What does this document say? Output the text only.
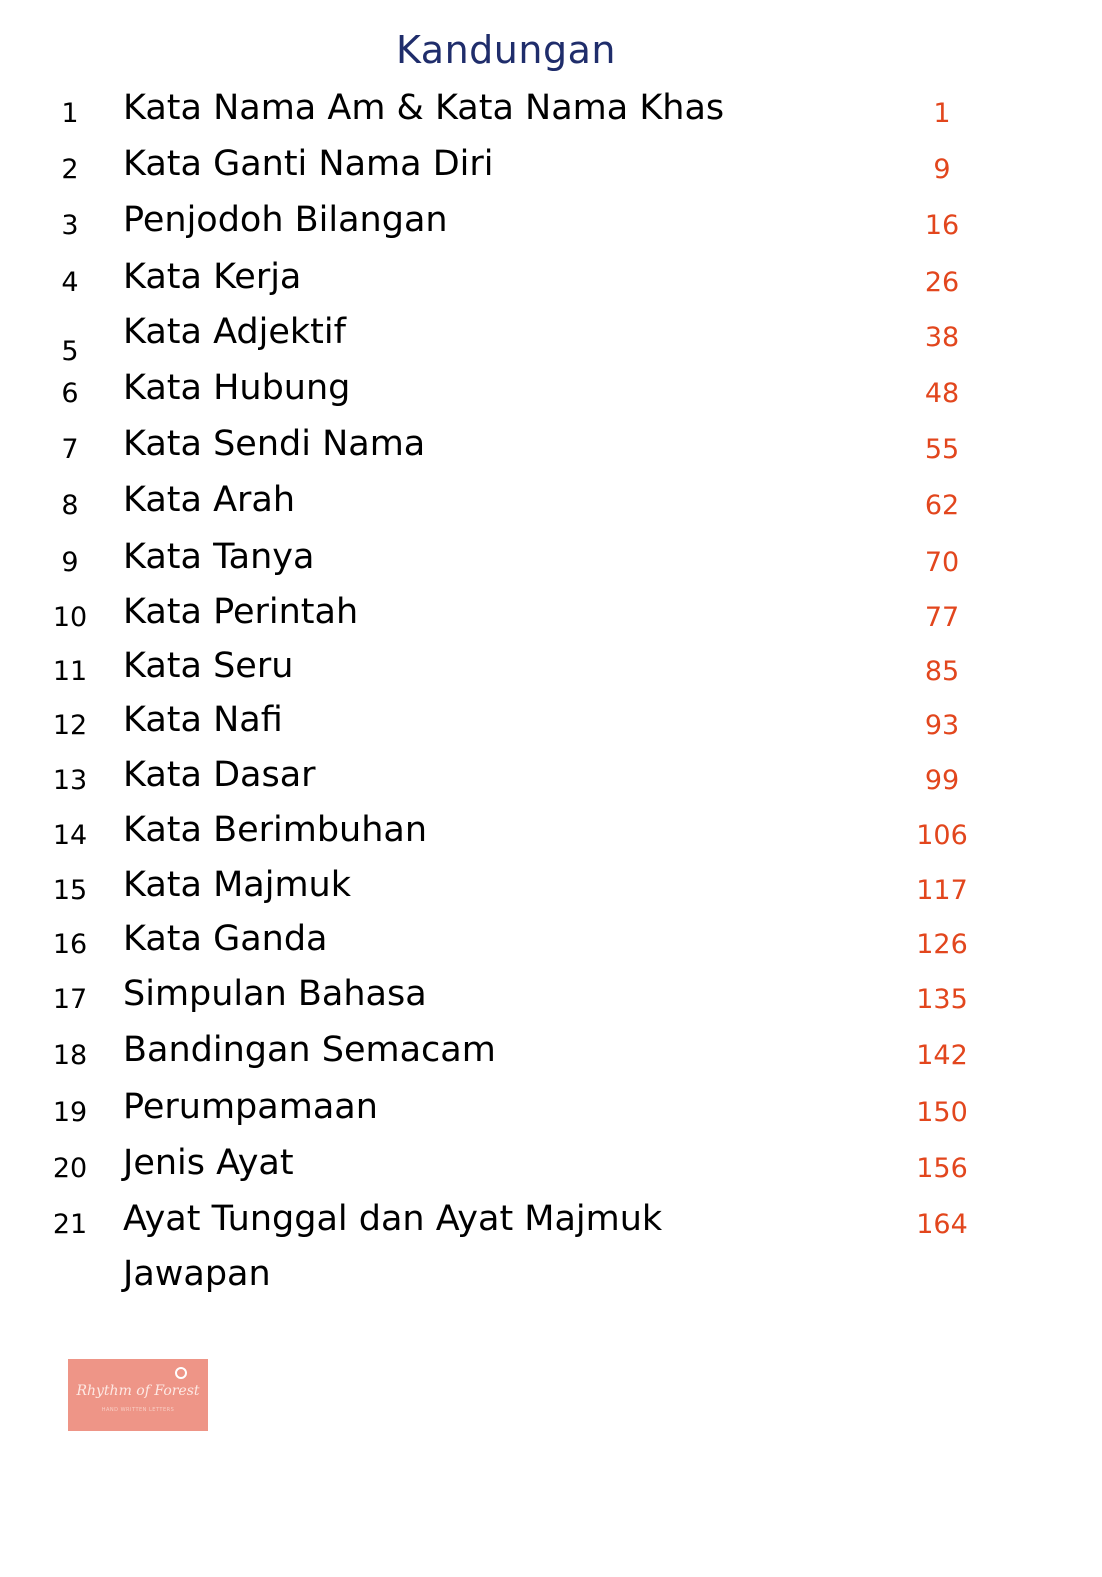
Kandungan
1	Kata Nama Am & Kata Nama Khas	1
2	Kata Ganti Nama Diri	9
3	Penjodoh Bilangan	16
4	Kata Kerja	26
5	Kata Adjektif	38
6	Kata Hubung	48
7	Kata Sendi Nama	55
8	Kata Arah	62
9	Kata Tanya	70
10	Kata Perintah	77
11	Kata Seru	85
12	Kata Nafi	93
13	Kata Dasar	99
14	Kata Berimbuhan	106
15	Kata Majmuk	117
16	Kata Ganda	126
17	Simpulan Bahasa	135
18	Bandingan Semacam	142
19	Perumpamaan	150
20	Jenis Ayat	156
21	Ayat Tunggal dan Ayat Majmuk	164
Jawapan
Rhythm of Forest
HAND WRITTEN LETTERS
